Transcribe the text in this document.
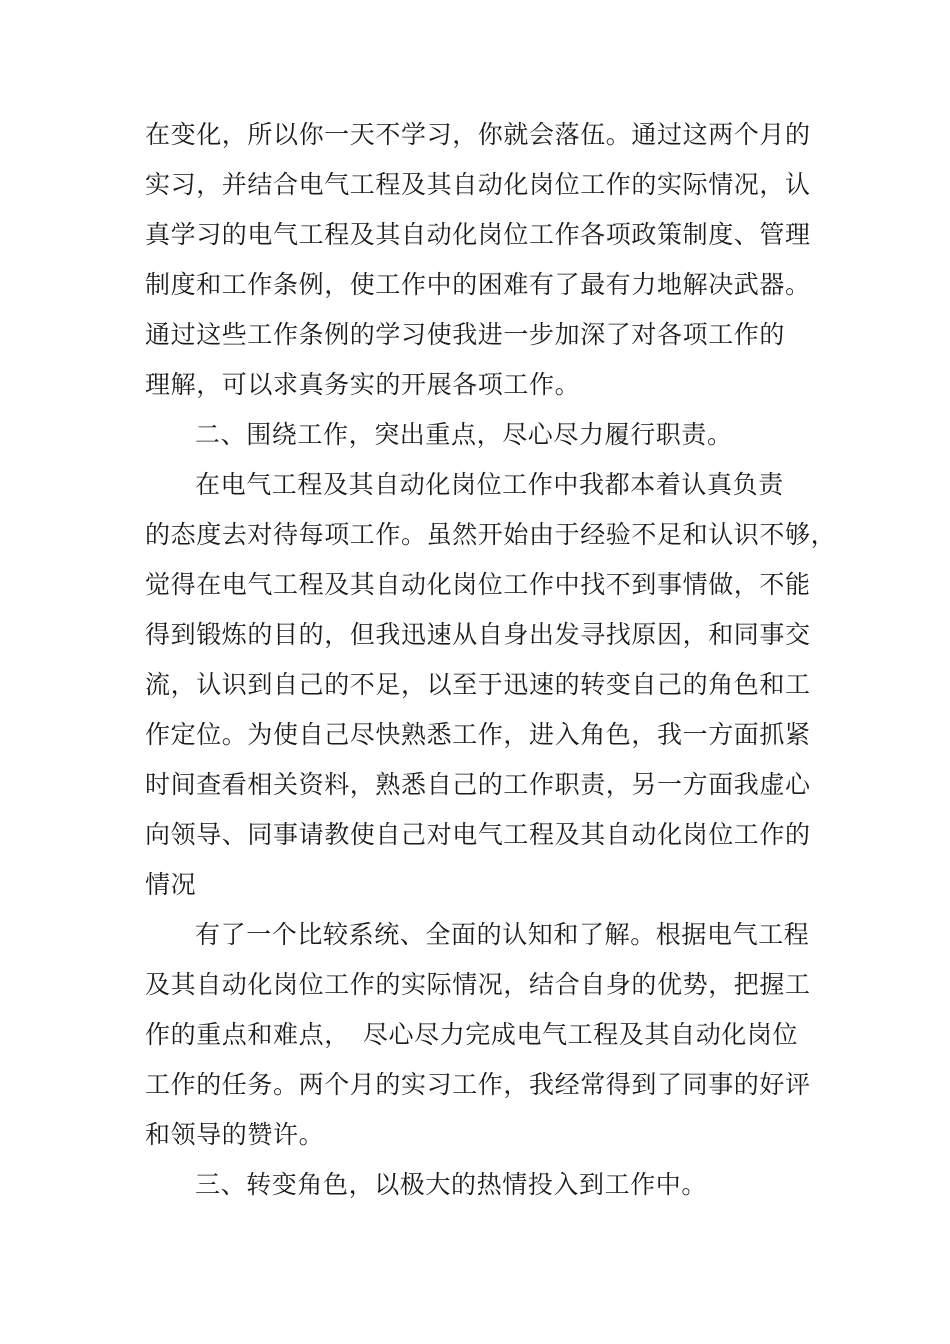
在变化，所以你一天不学习，你就会落伍。通过这两个月的
实习，并结合电气工程及其自动化岗位工作的实际情况，认
真学习的电气工程及其自动化岗位工作各项政策制度、管理
制度和工作条例，使工作中的困难有了最有力地解决武器。
通过这些工作条例的学习使我进一步加深了对各项工作的
理解，可以求真务实的开展各项工作。
二、围绕工作，突出重点，尽心尽力履行职责。
在电气工程及其自动化岗位工作中我都本着认真负责
的态度去对待每项工作。虽然开始由于经验不足和认识不够，
觉得在电气工程及其自动化岗位工作中找不到事情做，不能
得到锻炼的目的，但我迅速从自身出发寻找原因，和同事交
流，认识到自己的不足，以至于迅速的转变自己的角色和工
作定位。为使自己尽快熟悉工作，进入角色，我一方面抓紧
时间查看相关资料，熟悉自己的工作职责，另一方面我虚心
向领导、同事请教使自己对电气工程及其自动化岗位工作的
情况
有了一个比较系统、全面的认知和了解。根据电气工程
及其自动化岗位工作的实际情况，结合自身的优势，把握工
作的重点和难点，　尽心尽力完成电气工程及其自动化岗位
工作的任务。两个月的实习工作，我经常得到了同事的好评
和领导的赞许。
三、转变角色，以极大的热情投入到工作中。
